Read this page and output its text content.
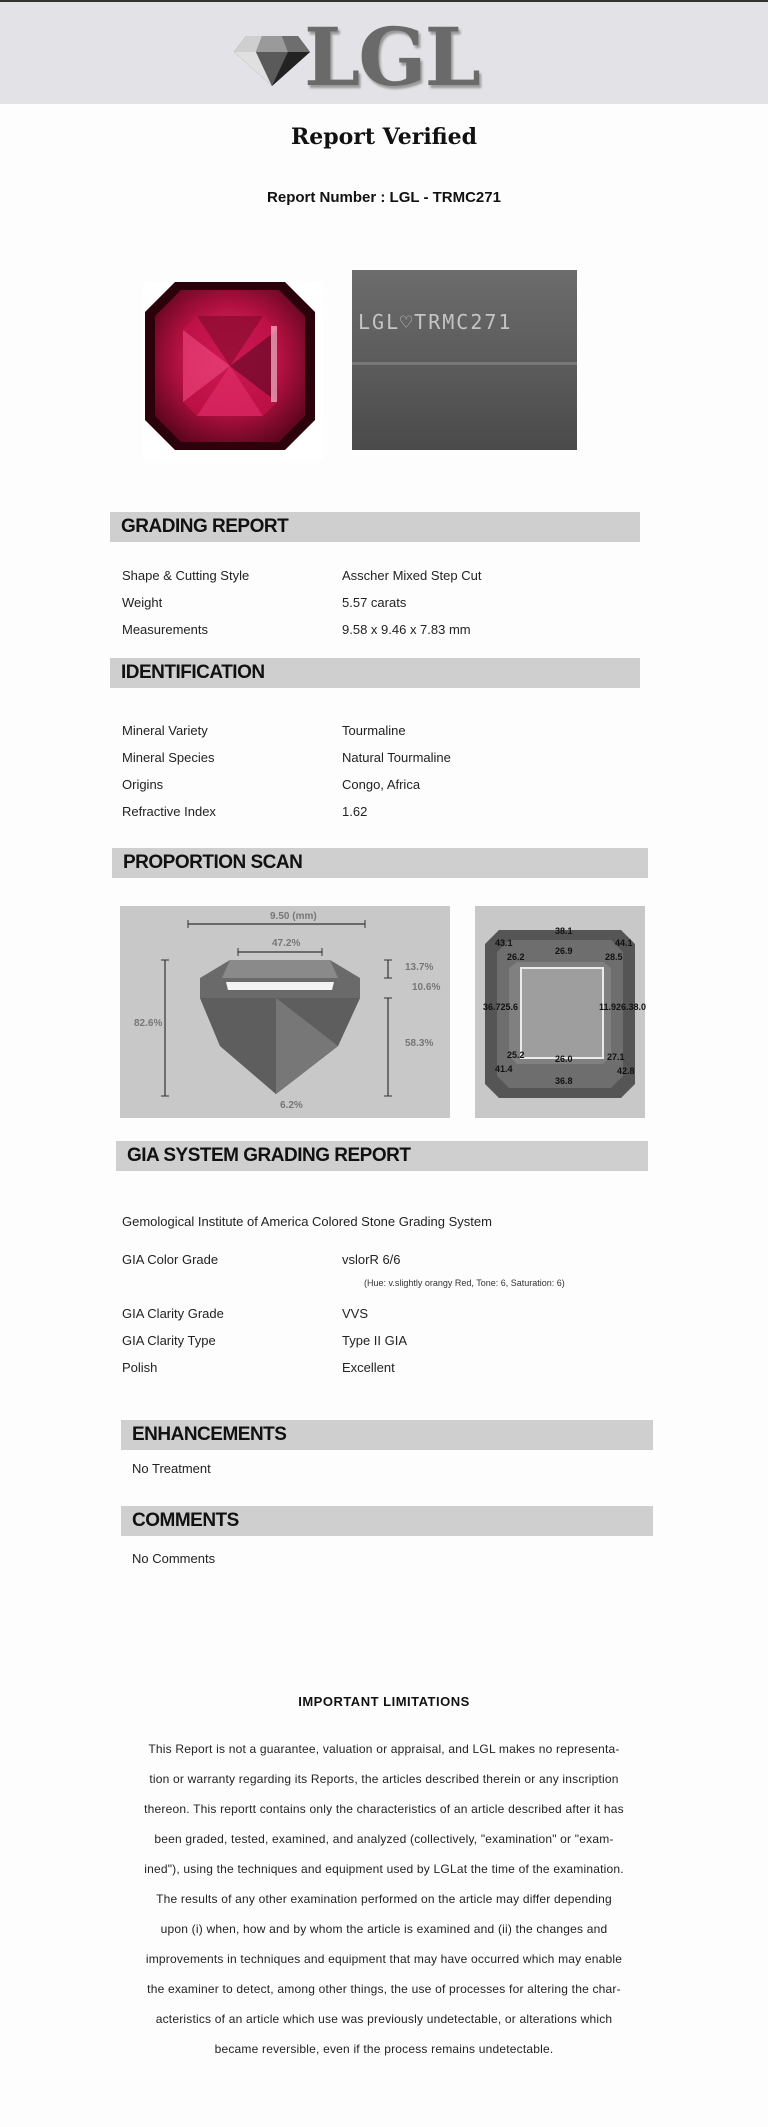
LGL
Report Verified
Report Number : LGL - TRMC271
LGL♡TRMC271
GRADING REPORT
Shape & Cutting Style	Asscher Mixed Step Cut
Weight	5.57 carats
Measurements	9.58 x 9.46 x 7.83 mm
IDENTIFICATION
Mineral Variety	Tourmaline
Mineral Species	Natural Tourmaline
Origins	Congo, Africa
Refractive Index	1.62
PROPORTION SCAN
9.50 (mm)
47.2%
13.7%
10.6%
82.6%
58.3%
6.2%
38.1
26.9
43.1
26.2
44.1
28.5
36.725.6	11.926.38.0
25.2
41.4
26.0
36.8
27.1
42.8
GIA SYSTEM GRADING REPORT
Gemological Institute of America Colored Stone Grading System
GIA Color Grade	vslorR 6/6
(Hue: v.slightly orangy Red, Tone: 6, Saturation: 6)
GIA Clarity Grade	VVS
GIA Clarity Type	Type II GIA
Polish	Excellent
ENHANCEMENTS
No Treatment
COMMENTS
No Comments
IMPORTANT LIMITATIONS
This Report is not a guarantee, valuation or appraisal, and LGL makes no representa-
tion or warranty regarding its Reports, the articles described therein or any inscription
thereon. This reportt contains only the characteristics of an article described after it has
been graded, tested, examined, and analyzed (collectively, "examination" or "exam-
ined"), using the techniques and equipment used by LGLat the time of the examination.
The results of any other examination performed on the article may differ depending
upon (i) when, how and by whom the article is examined and (ii) the changes and
improvements in techniques and equipment that may have occurred which may enable
the examiner to detect, among other things, the use of processes for altering the char-
acteristics of an article which use was previously undetectable, or alterations which
became reversible, even if the process remains undetectable.
